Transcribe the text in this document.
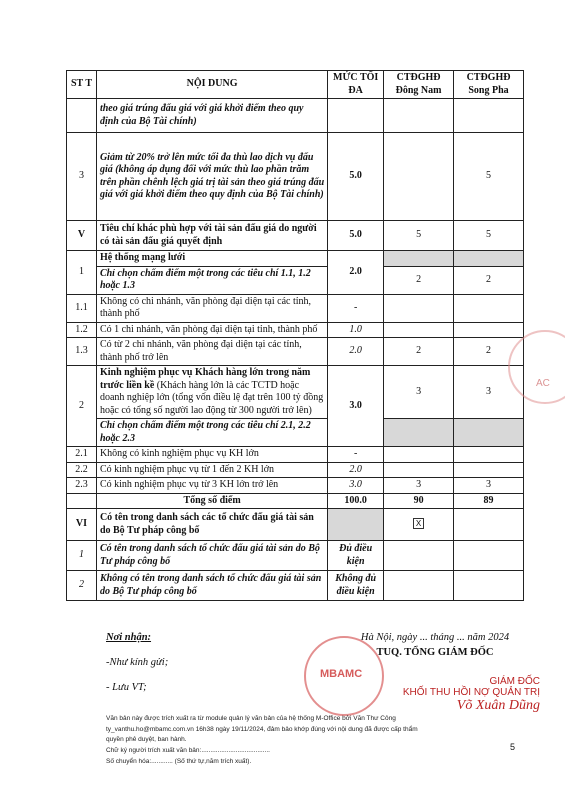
ST T	NỘI DUNG	MỨC TỐI ĐA	CTĐGHĐ Đông Nam	CTĐGHĐ Song Pha
	theo giá trúng đấu giá với giá khởi điểm theo quy định của Bộ Tài chính)			
3	Giảm từ 20% trở lên mức tối đa thù lao dịch vụ đấu giá (không áp dụng đối với mức thù lao phần trăm trên phần chênh lệch giá trị tài sản theo giá trúng đấu giá với giá khởi điểm theo quy định của Bộ Tài chính)	5.0		5
V	Tiêu chí khác phù hợp với tài sản đấu giá do người có tài sản đấu giá quyết định	5.0	5	5
1	Hệ thống mạng lưới	2.0		
	Chỉ chọn chấm điểm một trong các tiêu chí 1.1, 1.2 hoặc 1.3		2	2
1.1	Không có chi nhánh, văn phòng đại diện tại các tỉnh, thành phố	-		
1.2	Có 1 chi nhánh, văn phòng đại diện tại tỉnh, thành phố	1.0		
1.3	Có từ 2 chi nhánh, văn phòng đại diện tại các tỉnh, thành phố trở lên	2.0	2	2
2	Kinh nghiệm phục vụ Khách hàng lớn trong năm trước liền kề (Khách hàng lớn là các TCTD hoặc doanh nghiệp lớn (tổng vốn điều lệ đạt trên 100 tỷ đồng hoặc có tổng số người lao động từ 300 người trở lên)	3.0	3	3
	Chỉ chọn chấm điểm một trong các tiêu chí 2.1, 2.2 hoặc 2.3			
2.1	Không có kinh nghiệm phục vụ KH lớn	-		
2.2	Có kinh nghiệm phục vụ từ 1 đến 2 KH lớn	2.0		
2.3	Có kinh nghiệm phục vụ từ 3 KH lớn trở lên	3.0	3	3
	Tổng số điểm	100.0	90	89
VI	Có tên trong danh sách các tổ chức đấu giá tài sản do Bộ Tư pháp công bố		X	
1	Có tên trong danh sách tổ chức đấu giá tài sản do Bộ Tư pháp công bố	Đủ điều kiện		
2	Không có tên trong danh sách tổ chức đấu giá tài sản do Bộ Tư pháp công bố	Không đủ điều kiện		
AC
Nơi nhận:
-Như kính gửi;
- Lưu VT;
MBAMC
Hà Nội, ngày ... tháng ... năm 2024
TUQ. TỔNG GIÁM ĐỐC
GIÁM ĐỐC
KHỐI THU HỒI NỢ QUẢN TRỊ
Võ Xuân Dũng
Văn bản này được trích xuất ra từ module quản lý văn bản của hệ thống M-Office bởi Văn Thư Công
ty_vanthu.ho@mbamc.com.vn 16h38 ngày 19/11/2024, đảm bảo khớp đúng với nội dung đã được cấp thẩm
quyền phê duyệt, ban hành.
Chữ ký người trích xuất văn bản:......................................
Số chuyển hóa:............ (Số thứ tự,năm trích xuất).
5
